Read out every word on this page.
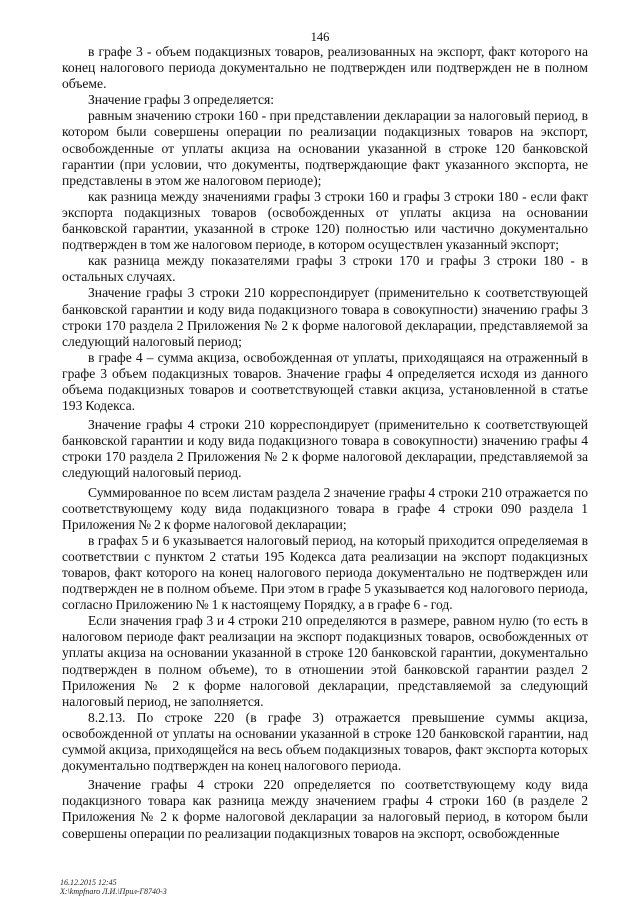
146

в графе 3 - объем подакцизных товаров, реализованных на экспорт, факт которого на конец налогового периода документально не подтвержден или подтвержден не в полном объеме.

Значение графы 3 определяется:

равным значению строки 160 - при представлении декларации за налоговый период, в котором были совершены операции по реализации подакцизных товаров на экспорт, освобожденные от уплаты акциза на основании указанной в строке 120 банковской гарантии (при условии, что документы, подтверждающие факт указанного экспорта, не представлены в этом же налоговом периоде);

как разница между значениями графы 3 строки 160 и графы 3 строки 180 - если факт экспорта подакцизных товаров (освобожденных от уплаты акциза на основании банковской гарантии, указанной в строке 120) полностью или частично документально подтвержден в том же налоговом периоде, в котором осуществлен указанный экспорт;

как разница между показателями графы 3 строки 170 и графы 3 строки 180 - в остальных случаях.

Значение графы 3 строки 210 корреспондирует (применительно к соответствующей банковской гарантии и коду вида подакцизного товара в совокупности) значению графы 3 строки 170 раздела 2 Приложения № 2 к форме налоговой декларации, представляемой за следующий налоговый период;

в графе 4 – сумма акциза, освобожденная от уплаты, приходящаяся на отраженный в графе 3 объем подакцизных товаров. Значение графы 4 определяется исходя из данного объема подакцизных товаров и соответствующей ставки акциза, установленной в статье 193 Кодекса.

Значение графы 4 строки 210 корреспондирует (применительно к соответствующей банковской гарантии и коду вида подакцизного товара в совокупности) значению графы 4 строки 170 раздела 2 Приложения № 2 к форме налоговой декларации, представляемой за следующий налоговый период.

Суммированное по всем листам раздела 2 значение графы 4 строки 210 отражается по соответствующему коду вида подакцизного товара в графе 4 строки 090 раздела 1 Приложения № 2 к форме налоговой декларации;

в графах 5 и 6 указывается налоговый период, на который приходится определяемая в соответствии с пунктом 2 статьи 195 Кодекса дата реализации на экспорт подакцизных товаров, факт которого на конец налогового периода документально не подтвержден или подтвержден не в полном объеме. При этом в графе 5 указывается код налогового периода, согласно Приложению № 1 к настоящему Порядку, а в графе 6 - год.

Если значения граф 3 и 4 строки 210 определяются в размере, равном нулю (то есть в налоговом периоде факт реализации на экспорт подакцизных товаров, освобожденных от уплаты акциза на основании указанной в строке 120 банковской гарантии, документально подтвержден в полном объеме), то в отношении этой банковской гарантии раздел 2 Приложения № 2 к форме налоговой декларации, представляемой за следующий налоговый период, не заполняется.

8.2.13. По строке 220 (в графе 3) отражается превышение суммы акциза, освобожденной от уплаты на основании указанной в строке 120 банковской гарантии, над суммой акциза, приходящейся на весь объем подакцизных товаров, факт экспорта которых документально подтвержден на конец налогового периода.

Значение графы 4 строки 220 определяется по соответствующему коду вида подакцизного товара как разница между значением графы 4 строки 160 (в разделе 2 Приложения № 2 к форме налоговой декларации за налоговый период, в котором были совершены операции по реализации подакцизных товаров на экспорт, освобожденные

16.12.2015 12:45
X:\kmpfnaro Л.И.\Прил-Г8740-3
